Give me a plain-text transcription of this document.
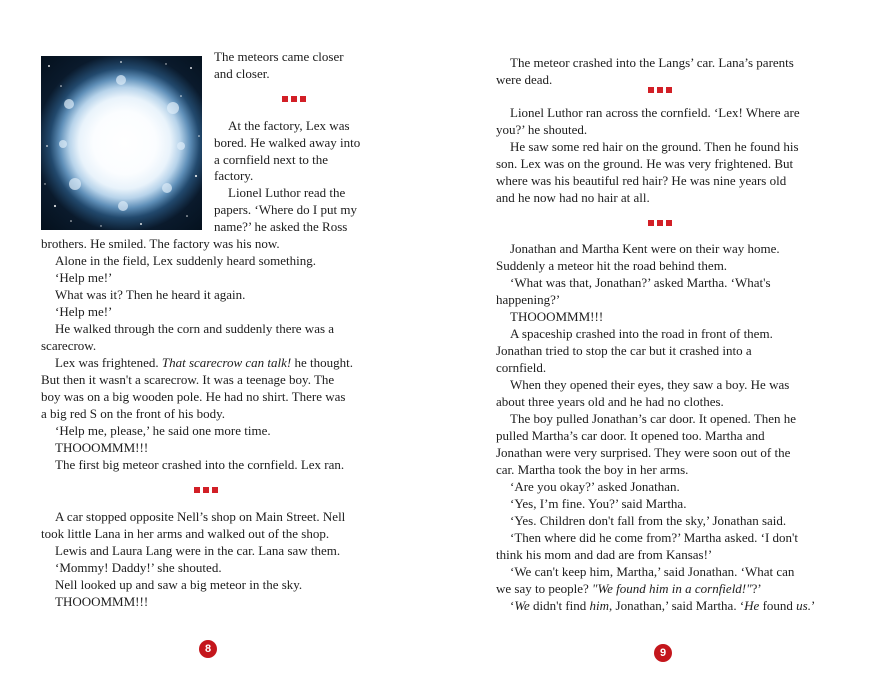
The meteors came closer

and closer.

At the factory, Lex was

bored. He walked away into

a cornfield next to the

factory.

Lionel Luthor read the

papers. ‘Where do I put my

name?’ he asked the Ross

brothers. He smiled. The factory was his now.

Alone in the field, Lex suddenly heard something.

‘Help me!’

What was it? Then he heard it again.

‘Help me!’

He walked through the corn and suddenly there was a

scarecrow.

Lex was frightened. That scarecrow can talk! he thought.

But then it wasn't a scarecrow. It was a teenage boy. The

boy was on a big wooden pole. He had no shirt. There was

a big red S on the front of his body.

‘Help me, please,’ he said one more time.

THOOOMMM!!!

The first big meteor crashed into the cornfield. Lex ran.

A car stopped opposite Nell’s shop on Main Street. Nell

took little Lana in her arms and walked out of the shop.

Lewis and Laura Lang were in the car. Lana saw them.

‘Mommy! Daddy!’ she shouted.

Nell looked up and saw a big meteor in the sky.

THOOOMMM!!!

8

The meteor crashed into the Langs’ car. Lana’s parents

were dead.

Lionel Luthor ran across the cornfield. ‘Lex! Where are

you?’ he shouted.

He saw some red hair on the ground. Then he found his

son. Lex was on the ground. He was very frightened. But

where was his beautiful red hair? He was nine years old

and he now had no hair at all.

Jonathan and Martha Kent were on their way home.

Suddenly a meteor hit the road behind them.

‘What was that, Jonathan?’ asked Martha. ‘What's

happening?’

THOOOMMM!!!

A spaceship crashed into the road in front of them.

Jonathan tried to stop the car but it crashed into a

cornfield.

When they opened their eyes, they saw a boy. He was

about three years old and he had no clothes.

The boy pulled Jonathan’s car door. It opened. Then he

pulled Martha’s car door. It opened too. Martha and

Jonathan were very surprised. They were soon out of the

car. Martha took the boy in her arms.

‘Are you okay?’ asked Jonathan.

‘Yes, I’m fine. You?’ said Martha.

‘Yes. Children don't fall from the sky,’ Jonathan said.

‘Then where did he come from?’ Martha asked. ‘I don't

think his mom and dad are from Kansas!’

‘We can't keep him, Martha,’ said Jonathan. ‘What can

we say to people? "We found him in a cornfield!"?’

‘We didn't find him, Jonathan,’ said Martha. ‘He found us.’

9
